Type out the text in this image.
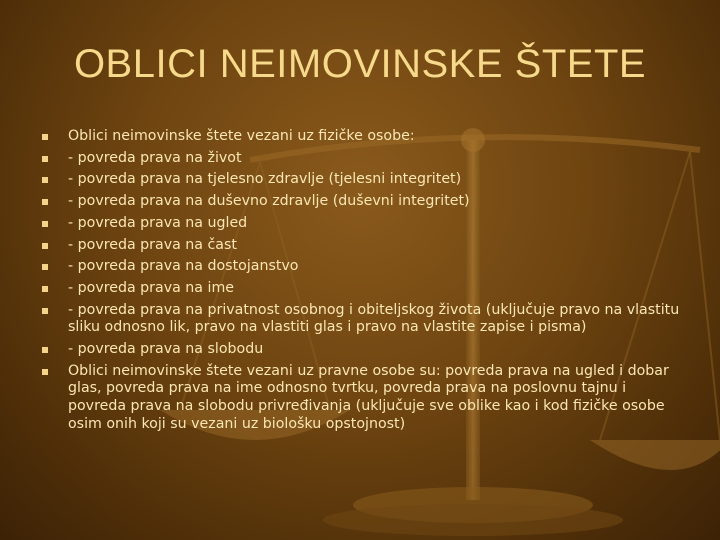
OBLICI NEIMOVINSKE ŠTETE
Oblici neimovinske štete vezani uz fizičke osobe:
- povreda prava na život
- povreda prava na tjelesno zdravlje (tjelesni integritet)
- povreda prava na duševno zdravlje (duševni integritet)
- povreda prava na ugled
- povreda prava na čast
- povreda prava na dostojanstvo
- povreda prava na ime
- povreda prava na privatnost osobnog i obiteljskog života (uključuje pravo na vlastitu sliku odnosno lik, pravo na vlastiti glas i pravo na vlastite zapise i pisma)
- povreda prava na slobodu
Oblici neimovinske štete vezani uz pravne osobe su: povreda prava na ugled i dobar glas, povreda prava na ime odnosno tvrtku, povreda prava na poslovnu tajnu i povreda prava na slobodu privređivanja (uključuje sve oblike kao i kod fizičke osobe osim onih koji su vezani uz biološku opstojnost)
